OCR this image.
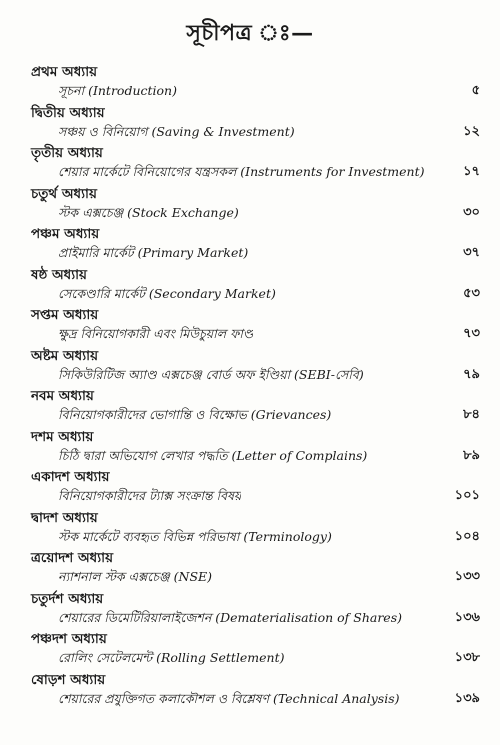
সূচীপত্র ঃ—
প্রথম অধ্যায়
সূচনা (Introduction)	৫
দ্বিতীয় অধ্যায়
সঞ্চয় ও বিনিয়োগ (Saving & Investment)	১২
তৃতীয় অধ্যায়
শেয়ার মার্কেটে বিনিয়োগের যন্ত্রসকল (Instruments for Investment)	১৭
চতুর্থ অধ্যায়
স্টক এক্সচেঞ্জ (Stock Exchange)	৩০
পঞ্চম অধ্যায়
প্রাইমারি মার্কেট (Primary Market)	৩৭
ষষ্ঠ অধ্যায়
সেকেণ্ডারি মার্কেট (Secondary Market)	৫৩
সপ্তম অধ্যায়
ক্ষুদ্র বিনিয়োগকারী এবং মিউচুয়াল ফাণ্ড	৭৩
অষ্টম অধ্যায়
সিকিউরিটিজ অ্যাণ্ড এক্সচেঞ্জ বোর্ড অফ ইণ্ডিয়া (SEBI-সেবি)	৭৯
নবম অধ্যায়
বিনিয়োগকারীদের ভোগান্তি ও বিক্ষোভ (Grievances)	৮৪
দশম অধ্যায়
চিঠি দ্বারা অভিযোগ লেখার পদ্ধতি (Letter of Complains)	৮৯
একাদশ অধ্যায়
বিনিয়োগকারীদের ট্যাক্স সংক্রান্ত বিষয়	১০১
দ্বাদশ অধ্যায়
স্টক মার্কেটে ব্যবহৃত বিভিন্ন পরিভাষা (Terminology)	১০৪
ত্রয়োদশ অধ্যায়
ন্যাশনাল স্টক এক্সচেঞ্জ (NSE)	১৩৩
চতুর্দশ অধ্যায়
শেয়ারের ডিমেটিরিয়ালাইজেশন (Dematerialisation of Shares)	১৩৬
পঞ্চদশ অধ্যায়
রোলিং সেটেলমেন্ট (Rolling Settlement)	১৩৮
ষোড়শ অধ্যায়
শেয়ারের প্রযুক্তিগত কলাকৌশল ও বিশ্লেষণ (Technical Analysis)	১৩৯
